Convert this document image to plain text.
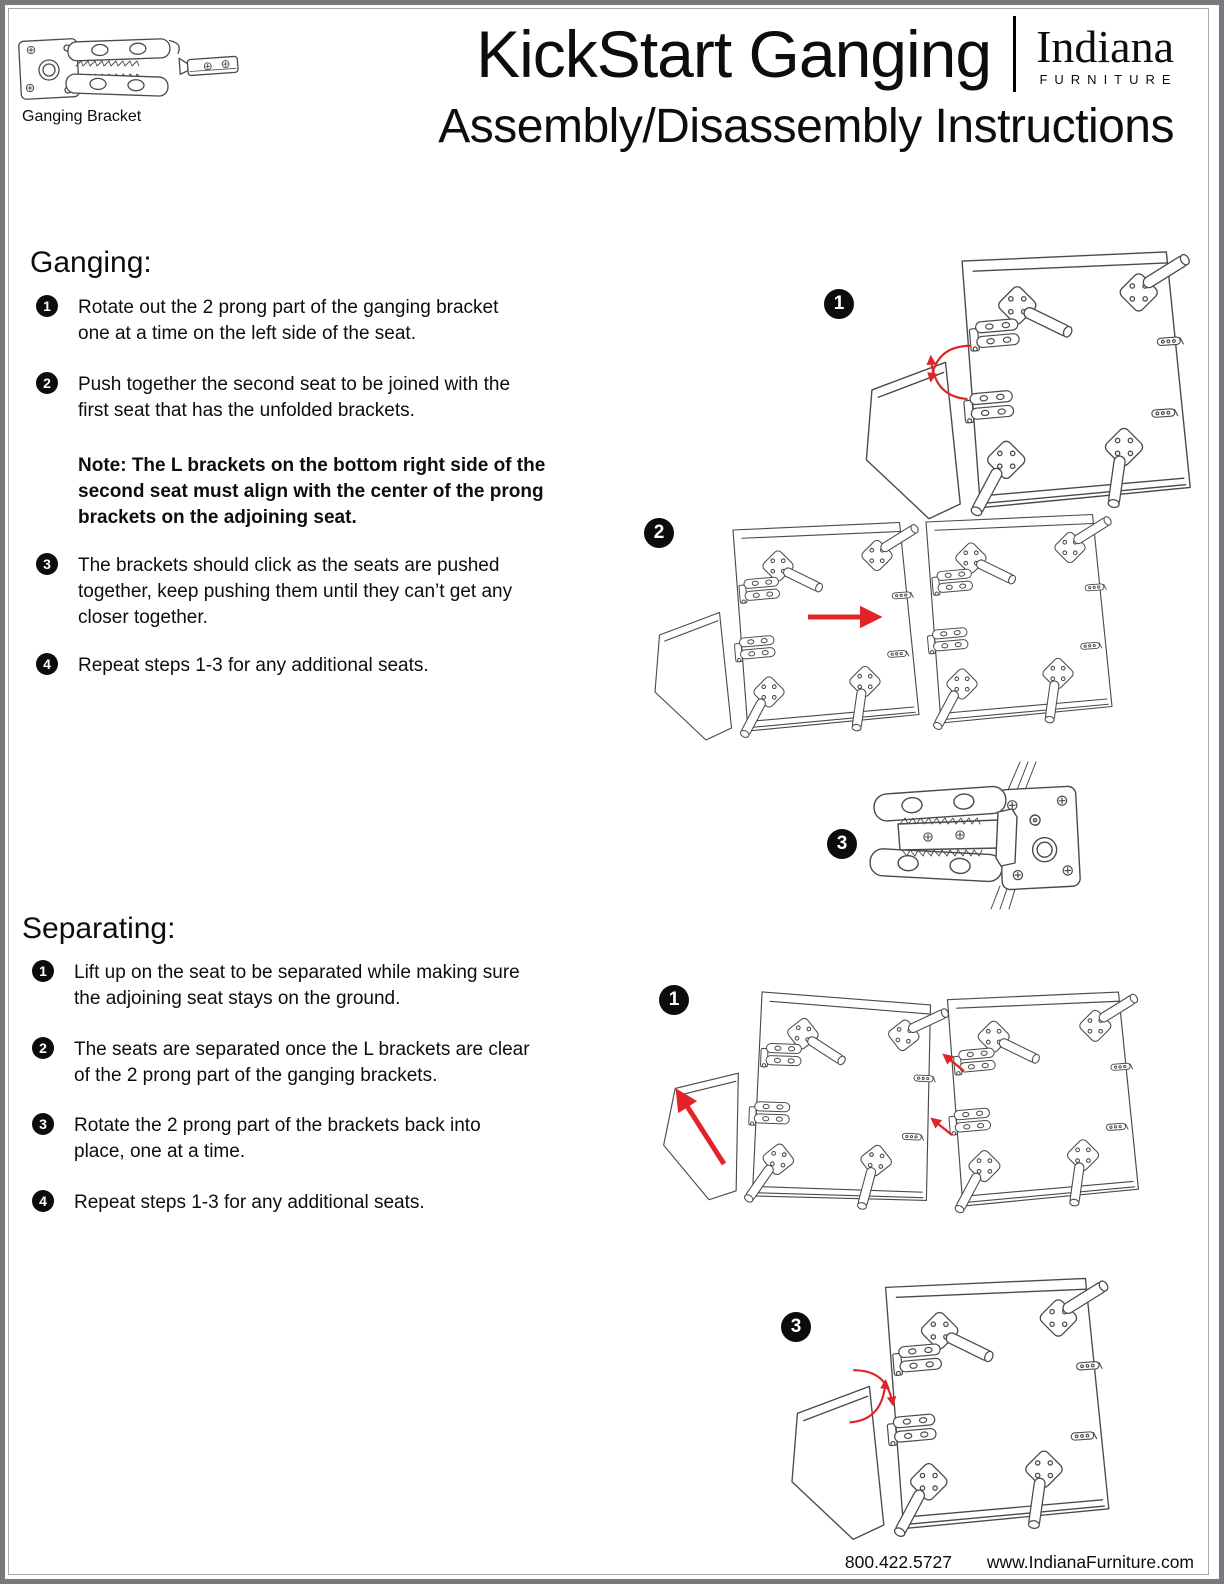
Ganging Bracket
KickStart Ganging Indiana
FURNITURE
Assembly/Disassembly Instructions
Ganging:
1	Rotate out the 2 prong part of the ganging bracket one at a time on the left side of the seat.
2	Push together the second seat to be joined with the first seat that has the unfolded brackets.
Note: The L brackets on the bottom right side of the second seat must align with the center of the prong brackets on the adjoining seat.
3	The brackets should click as the seats are pushed together, keep pushing them until they can’t get any closer together.
4	Repeat steps 1-3 for any additional seats.
Separating:
1	Lift up on the seat to be separated while making sure the adjoining seat stays on the ground.
2	The seats are separated once the L brackets are clear of the 2 prong part of the ganging brackets.
3	Rotate the 2 prong part of the brackets back into place, one at a time.
4	Repeat steps 1-3 for any additional seats.
1
2
3
1
3
800.422.5727 www.IndianaFurniture.com
